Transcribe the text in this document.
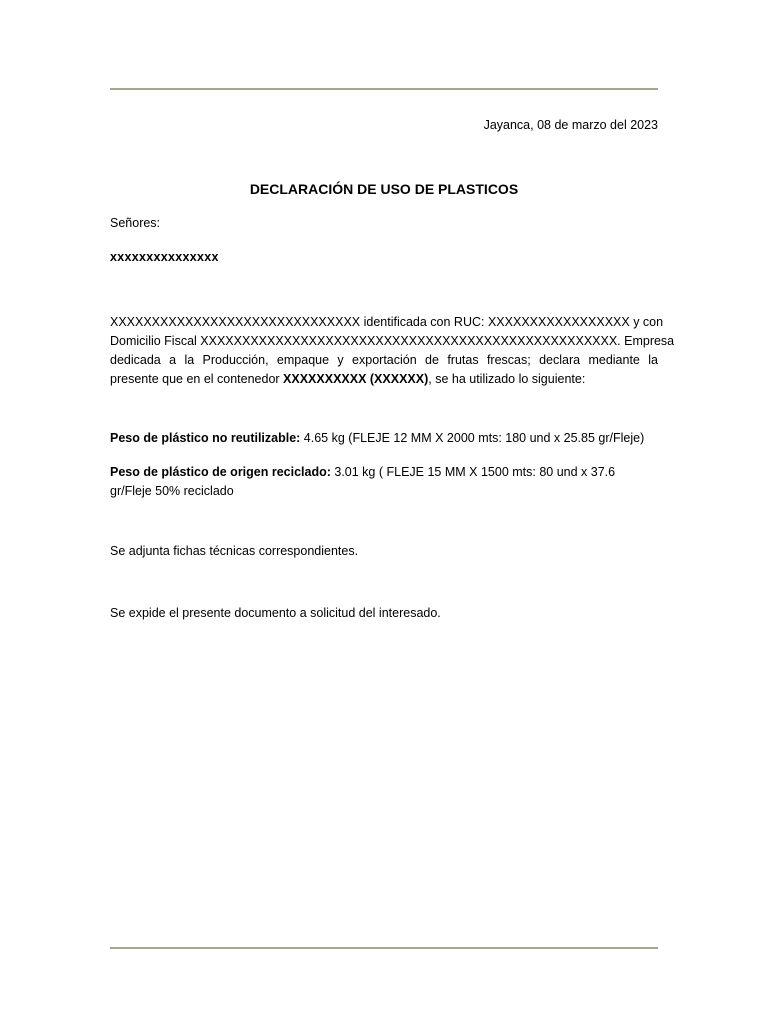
Jayanca, 08 de marzo del 2023
DECLARACIÓN DE USO DE PLASTICOS
Señores:
xxxxxxxxxxxxxxx
XXXXXXXXXXXXXXXXXXXXXXXXXXXXXX identificada con RUC: XXXXXXXXXXXXXXXXX y con
Domicilio Fiscal XXXXXXXXXXXXXXXXXXXXXXXXXXXXXXXXXXXXXXXXXXXXXXXXXX. Empresa
dedicada a la Producción, empaque y exportación de frutas frescas; declara mediante la
presente que en el contenedor XXXXXXXXXX (XXXXXX), se ha utilizado lo siguiente:
Peso de plástico no reutilizable: 4.65 kg (FLEJE 12 MM X 2000 mts: 180 und x 25.85 gr/Fleje)
Peso de plástico de origen reciclado: 3.01 kg ( FLEJE 15 MM X 1500 mts: 80 und x 37.6 gr/Fleje 50% reciclado
Se adjunta fichas técnicas correspondientes.
Se expide el presente documento a solicitud del interesado.
